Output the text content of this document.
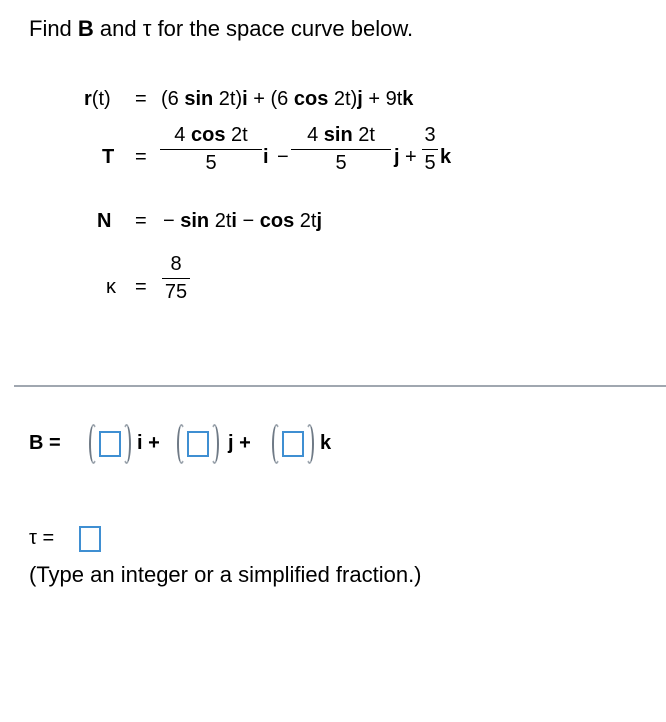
Find B and τ for the space curve below.
r(t) = (6 sin 2t)i + (6 cos 2t)j + 9tk
T =
4 cos 2t
5	i −
4 sin 2t
5	j +
3
5 k
N = − sin 2ti − cos 2tj
κ =
8
75
B =	i +	j +	k
τ =
(Type an integer or a simplified fraction.)
